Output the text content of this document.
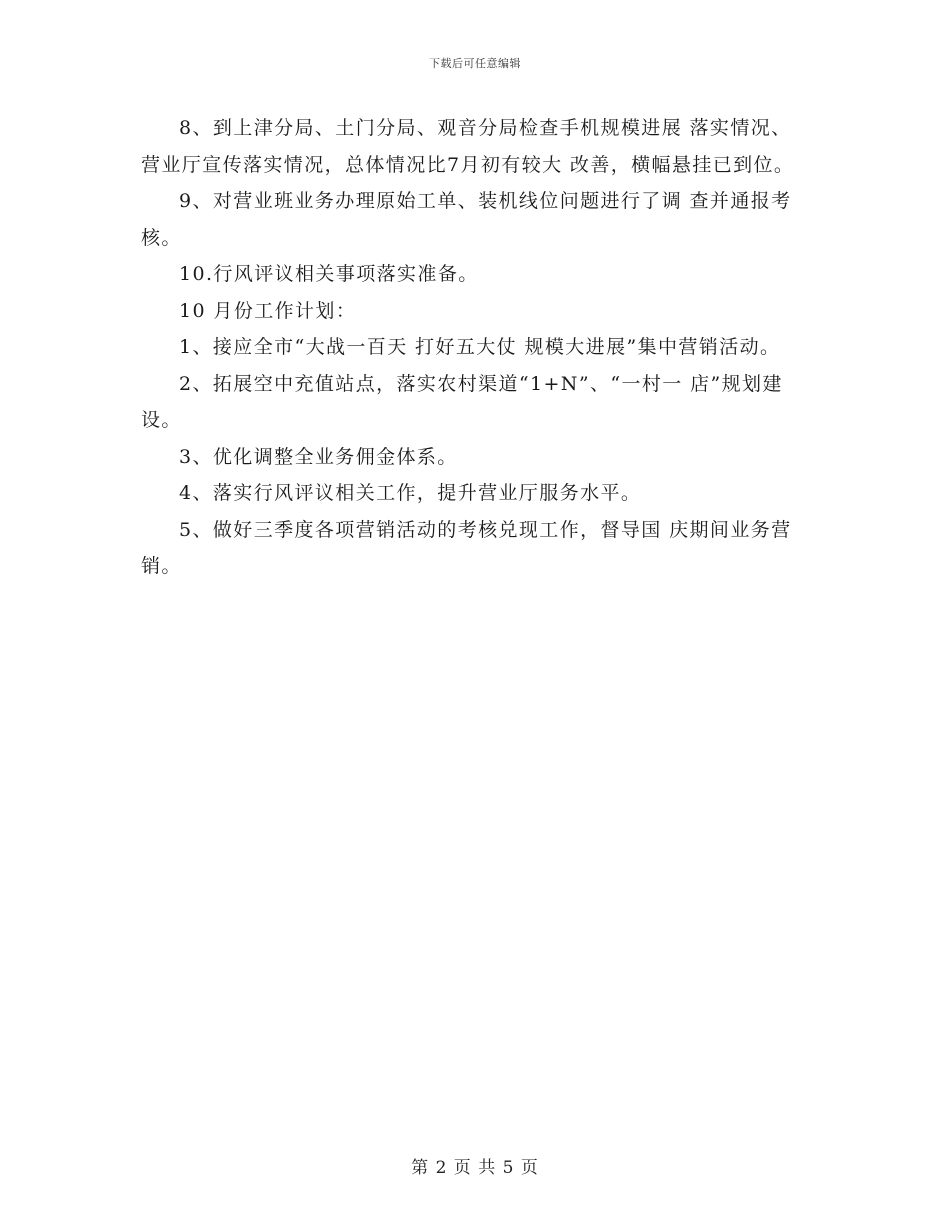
下载后可任意编辑

8、到上津分局、土门分局、观音分局检查手机规模进展 落实情况、营业厅宣传落实情况，总体情况比7月初有较大 改善，横幅悬挂已到位。

9、对营业班业务办理原始工单、装机线位问题进行了调 查并通报考核。

10.行风评议相关事项落实准备。

10 月份工作计划：

1、接应全市“大战一百天 打好五大仗 规模大进展”集中营销活动。

2、拓展空中充值站点，落实农村渠道“1+N”、“一村一 店”规划建设。

3、优化调整全业务佣金体系。

4、落实行风评议相关工作，提升营业厅服务水平。

5、做好三季度各项营销活动的考核兑现工作，督导国 庆期间业务营销。

第 2 页 共 5 页
